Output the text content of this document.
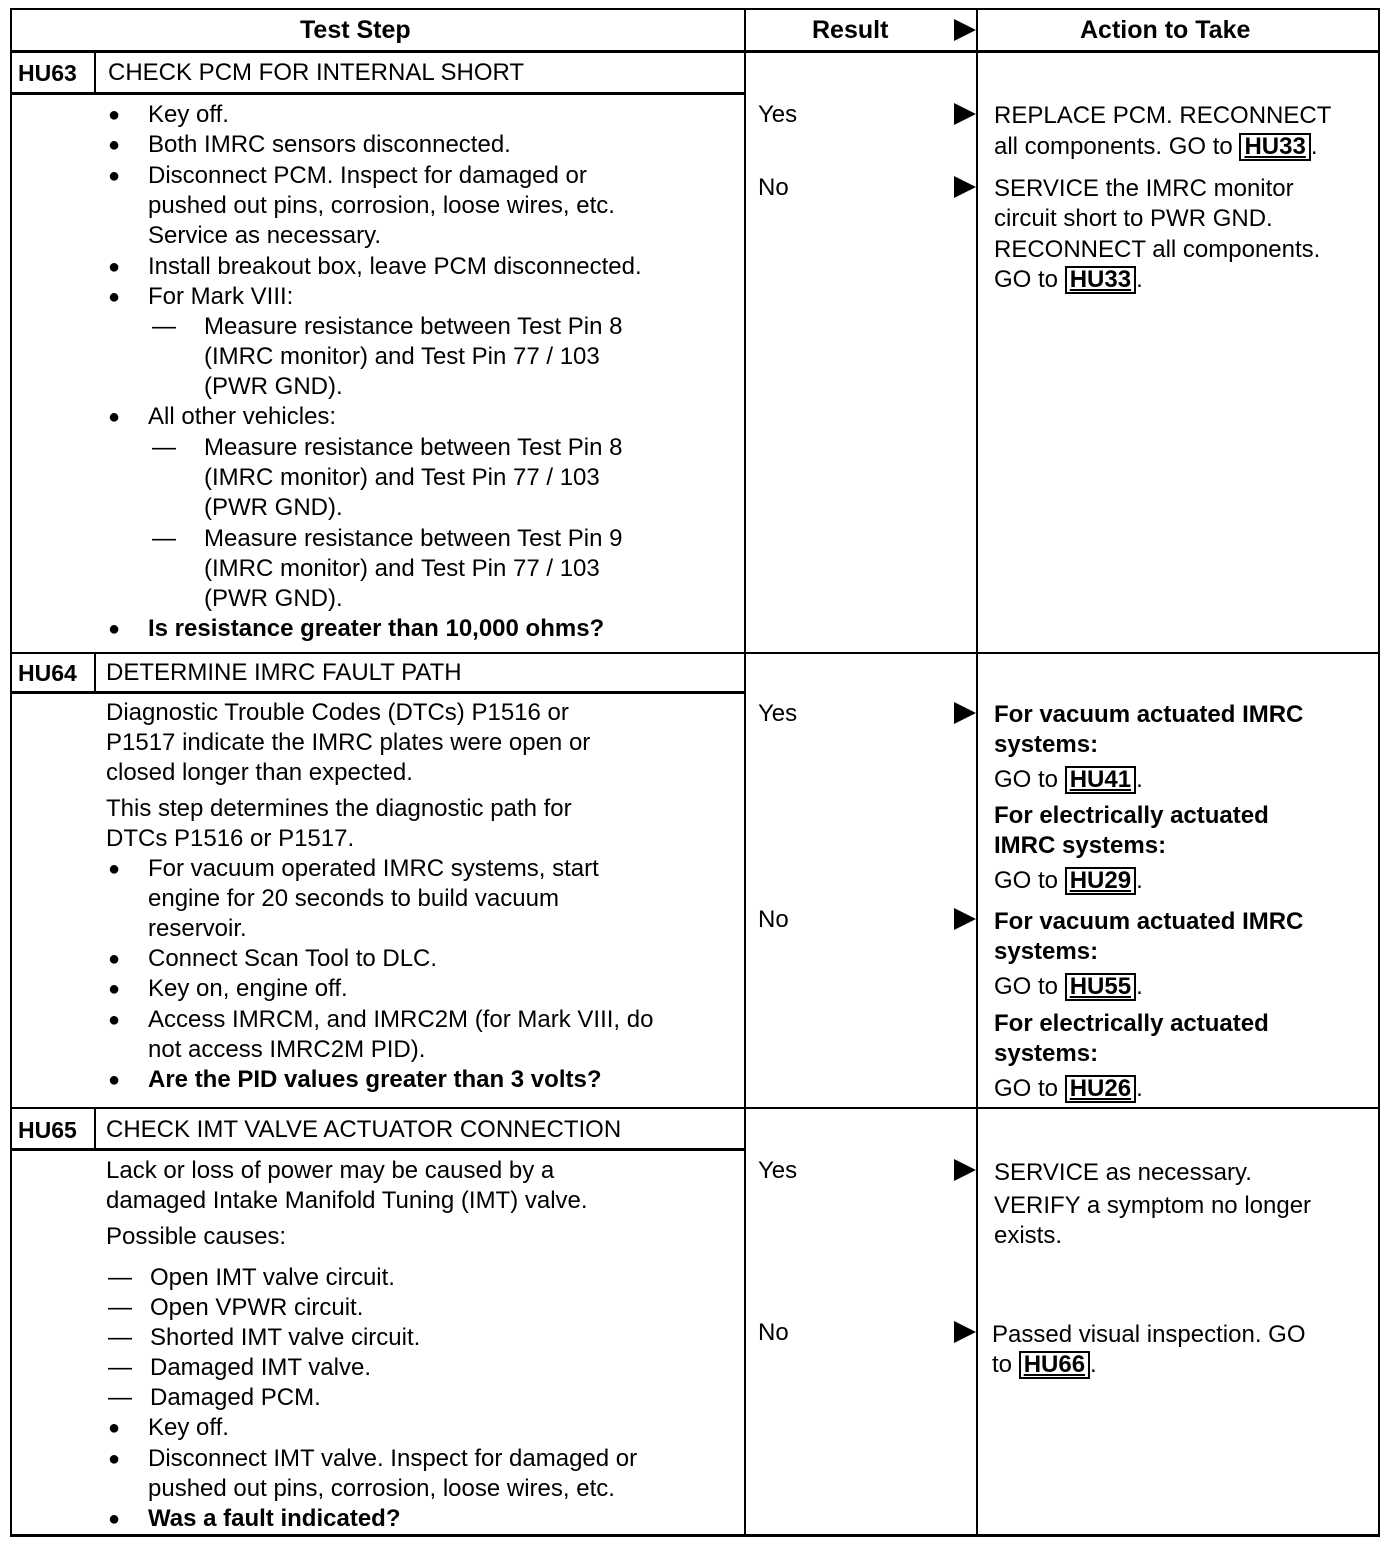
Test Step	Result	Action to Take
HU63 CHECK PCM FOR INTERNAL SHORT
● Key off.
● Both IMRC sensors disconnected.
● Disconnect PCM. Inspect for damaged or
pushed out pins, corrosion, loose wires, etc.
Service as necessary.
● Install breakout box, leave PCM disconnected.
● For Mark VIII:
— Measure resistance between Test Pin 8
(IMRC monitor) and Test Pin 77 / 103
(PWR GND).
● All other vehicles:
— Measure resistance between Test Pin 8
(IMRC monitor) and Test Pin 77 / 103
(PWR GND).
— Measure resistance between Test Pin 9
(IMRC monitor) and Test Pin 77 / 103
(PWR GND).
● Is resistance greater than 10,000 ohms?
Yes
No
REPLACE PCM. RECONNECT
all components. GO to HU33 .
SERVICE the IMRC monitor
circuit short to PWR GND.
RECONNECT all components.
GO to HU33 .
HU64 DETERMINE IMRC FAULT PATH
Diagnostic Trouble Codes (DTCs) P1516 or
P1517 indicate the IMRC plates were open or
closed longer than expected.
This step determines the diagnostic path for
DTCs P1516 or P1517.
● For vacuum operated IMRC systems, start
engine for 20 seconds to build vacuum
reservoir.
● Connect Scan Tool to DLC.
● Key on, engine off.
● Access IMRCM, and IMRC2M (for Mark VIII, do
not access IMRC2M PID).
● Are the PID values greater than 3 volts?
Yes
No
For vacuum actuated IMRC
systems:
GO to HU41 .
For electrically actuated
IMRC systems:
GO to HU29 .
For vacuum actuated IMRC
systems:
GO to HU55 .
For electrically actuated
systems:
GO to HU26 .
HU65 CHECK IMT VALVE ACTUATOR CONNECTION
Lack or loss of power may be caused by a
damaged Intake Manifold Tuning (IMT) valve.
Possible causes:
— Open IMT valve circuit.
— Open VPWR circuit.
— Shorted IMT valve circuit.
— Damaged IMT valve.
— Damaged PCM.
● Key off.
● Disconnect IMT valve. Inspect for damaged or
pushed out pins, corrosion, loose wires, etc.
● Was a fault indicated?
Yes
No
SERVICE as necessary.
VERIFY a symptom no longer
exists.
Passed visual inspection. GO
to HU66 .
